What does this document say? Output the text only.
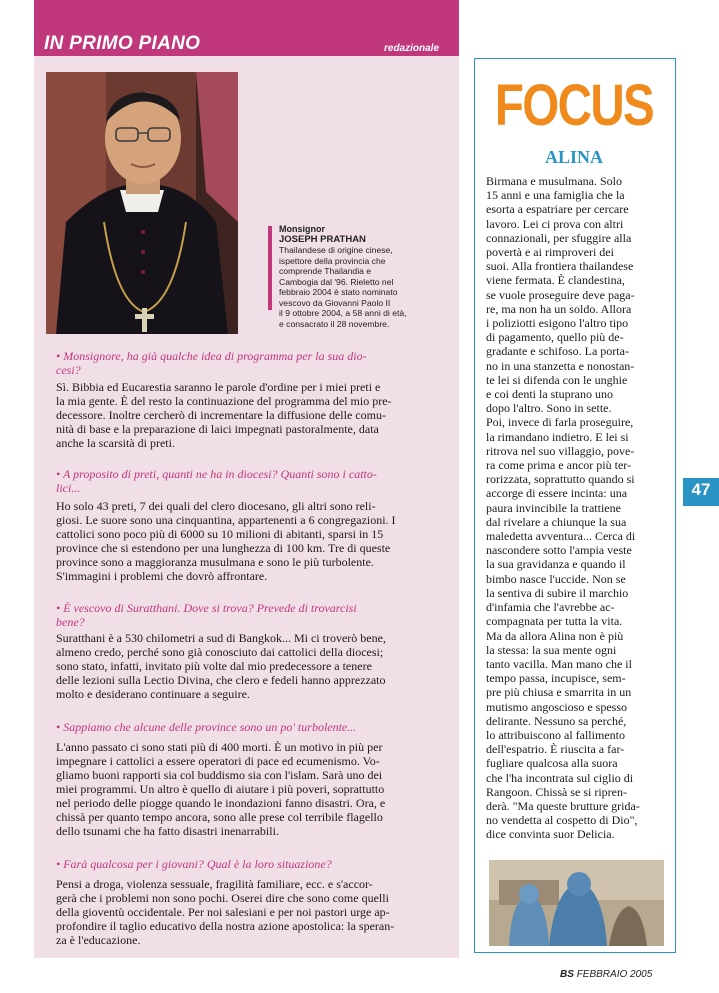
IN PRIMO PIANO	redazionale
Monsignor
JOSEPH PRATHAN
Thailandese di origine cinese,
ispettore della provincia che
comprende Thailandia e
Cambogia dal '96. Rieletto nel
febbraio 2004 è stato nominato
vescovo da Giovanni Paolo II
il 9 ottobre 2004, a 58 anni di età,
e consacrato il 28 novembre.
• Monsignore, ha già qualche idea di programma per la sua dio-
cesi?
Sì. Bibbia ed Eucarestia saranno le parole d'ordine per i miei preti e
la mia gente. È del resto la continuazione del programma del mio pre-
decessore. Inoltre cercherò di incrementare la diffusione delle comu-
nità di base e la preparazione di laici impegnati pastoralmente, data
anche la scarsità di preti.
• A proposito di preti, quanti ne ha in diocesi? Quanti sono i catto-
lici...
Ho solo 43 preti, 7 dei quali del clero diocesano, gli altri sono reli-
giosi. Le suore sono una cinquantina, appartenenti a 6 congregazioni. I
cattolici sono poco più di 6000 su 10 milioni di abitanti, sparsi in 15
province che si estendono per una lunghezza di 100 km. Tre di queste
province sono a maggioranza musulmana e sono le più turbolente.
S'immagini i problemi che dovrò affrontare.
• È vescovo di Suratthani. Dove si trova? Prevede di trovarcisi
bene?
Suratthani è a 530 chilometri a sud di Bangkok... Mi ci troverò bene,
almeno credo, perché sono già conosciuto dai cattolici della diocesi;
sono stato, infatti, invitato più volte dal mio predecessore a tenere
delle lezioni sulla Lectio Divina, che clero e fedeli hanno apprezzato
molto e desiderano continuare a seguire.
• Sappiamo che alcune delle province sono un po' turbolente...
L'anno passato ci sono stati più di 400 morti. È un motivo in più per
impegnare i cattolici a essere operatori di pace ed ecumenismo. Vo-
gliamo buoni rapporti sia col buddismo sia con l'islam. Sarà uno dei
miei programmi. Un altro è quello di aiutare i più poveri, soprattutto
nel periodo delle piogge quando le inondazioni fanno disastri. Ora, e
chissà per quanto tempo ancora, sono alle prese col terribile flagello
dello tsunami che ha fatto disastri inenarrabili.
• Farà qualcosa per i giovani? Qual è la loro situazione?
Pensi a droga, violenza sessuale, fragilità familiare, ecc. e s'accor-
gerà che i problemi non sono pochi. Oserei dire che sono come quelli
della gioventù occidentale. Per noi salesiani e per noi pastori urge ap-
profondire il taglio educativo della nostra azione apostolica: la speran-
za è l'educazione.
FOCUS
ALINA
Birmana e musulmana. Solo
15 anni e una famiglia che la
esorta a espatriare per cercare
lavoro. Lei ci prova con altri
connazionali, per sfuggire alla
povertà e ai rimproveri dei
suoi. Alla frontiera thailandese
viene fermata. È clandestina,
se vuole proseguire deve paga-
re, ma non ha un soldo. Allora
i poliziotti esigono l'altro tipo
di pagamento, quello più de-
gradante e schifoso. La porta-
no in una stanzetta e nonostan-
te lei si difenda con le unghie
e coi denti la stuprano uno
dopo l'altro. Sono in sette.
Poi, invece di farla proseguire,
la rimandano indietro. E lei si
ritrova nel suo villaggio, pove-
ra come prima e ancor più ter-
rorizzata, soprattutto quando si
accorge di essere incinta: una
paura invincibile la trattiene
dal rivelare a chiunque la sua
maledetta avventura... Cerca di
nascondere sotto l'ampia veste
la sua gravidanza e quando il
bimbo nasce l'uccide. Non se
la sentiva di subire il marchio
d'infamia che l'avrebbe ac-
compagnata per tutta la vita.
Ma da allora Alina non è più
la stessa: la sua mente ogni
tanto vacilla. Man mano che il
tempo passa, incupisce, sem-
pre più chiusa e smarrita in un
mutismo angoscioso e spesso
delirante. Nessuno sa perché,
lo attribuiscono al fallimento
dell'espatrio. È riuscita a far-
fugliare qualcosa alla suora
che l'ha incontrata sul ciglio di
Rangoon. Chissà se si ripren-
derà. "Ma queste brutture grida-
no vendetta al cospetto di Dio",
dice convinta suor Delicia.
47
BS FEBBRAIO 2005
